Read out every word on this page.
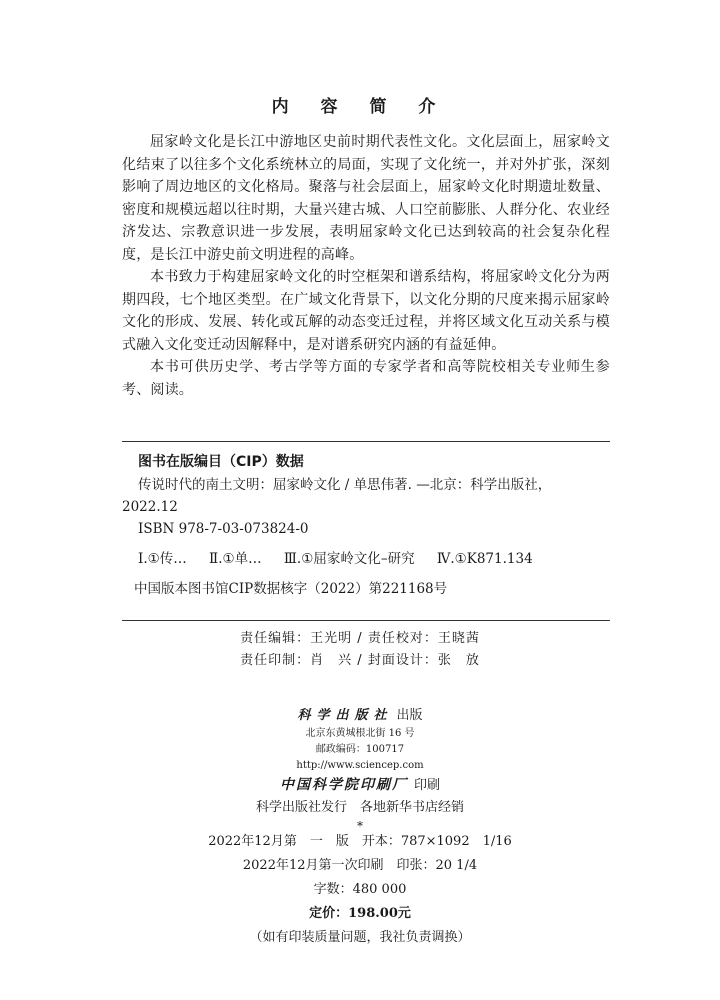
内 容 简 介

屈家岭文化是长江中游地区史前时期代表性文化。文化层面上，屈家岭文化结束了以往多个文化系统林立的局面，实现了文化统一，并对外扩张，深刻影响了周边地区的文化格局。聚落与社会层面上，屈家岭文化时期遗址数量、密度和规模远超以往时期，大量兴建古城、人口空前膨胀、人群分化、农业经济发达、宗教意识进一步发展，表明屈家岭文化已达到较高的社会复杂化程度，是长江中游史前文明进程的高峰。

本书致力于构建屈家岭文化的时空框架和谱系结构，将屈家岭文化分为两期四段，七个地区类型。在广域文化背景下，以文化分期的尺度来揭示屈家岭文化的形成、发展、转化或瓦解的动态变迁过程，并将区域文化互动关系与模式融入文化变迁动因解释中，是对谱系研究内涵的有益延伸。

本书可供历史学、考古学等方面的专家学者和高等院校相关专业师生参考、阅读。

图书在版编目（CIP）数据
传说时代的南土文明：屈家岭文化 / 单思伟著. —北京：科学出版社，
2022.12
ISBN 978-7-03-073824-0
Ⅰ.①传… Ⅱ.①单… Ⅲ.①屈家岭文化–研究 Ⅳ.①K871.134
中国版本图书馆CIP数据核字（2022）第221168号
责任编辑：王光明 / 责任校对：王晓茜
责任印制：肖　兴 / 封面设计：张　放
科学出版社 出版
北京东黄城根北街 16 号
邮政编码：100717
http://www.sciencep.com
中国科学院印刷厂 印刷
科学出版社发行　各地新华书店经销
*
2022年12月第　一　版　开本：787×1092　1/16
2022年12月第一次印刷　印张：20 1/4
字数：480 000
定价：198.00元
（如有印装质量问题，我社负责调换）
